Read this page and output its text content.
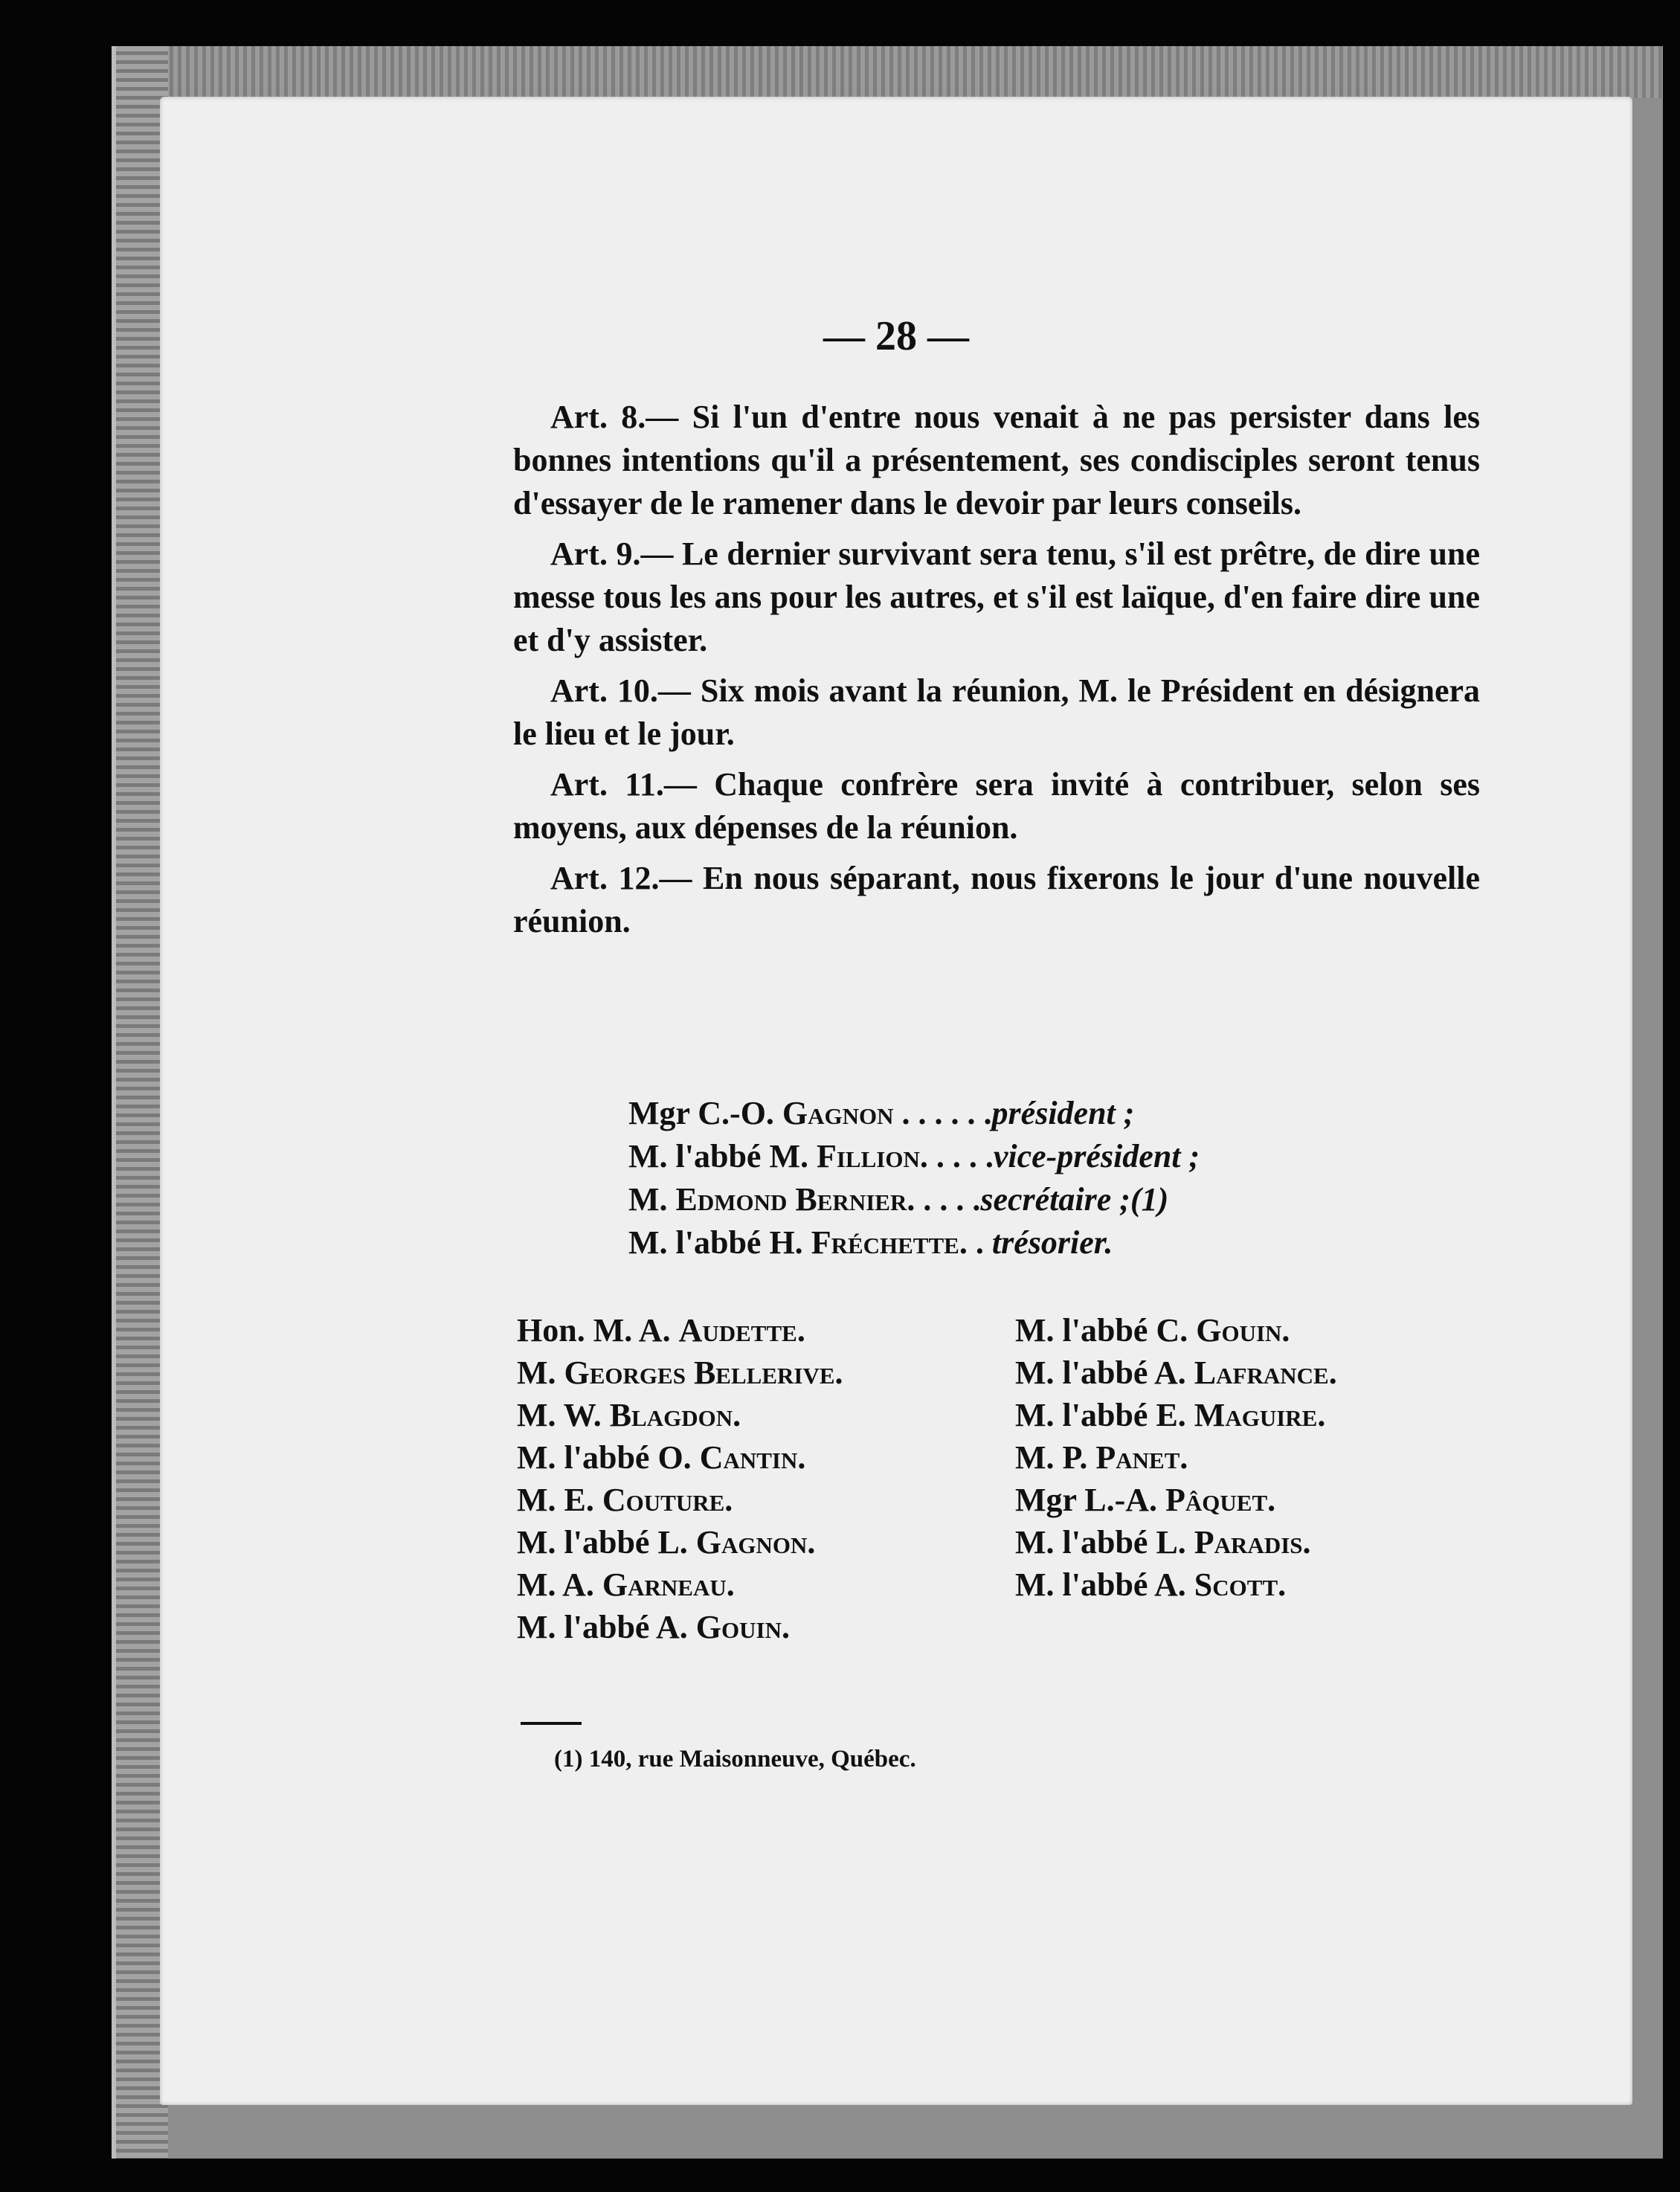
— 28 —

Art. 8.— Si l'un d'entre nous venait à ne pas persister dans les bonnes intentions qu'il a présentement, ses condisciples seront tenus d'essayer de le ramener dans le devoir par leurs conseils.

Art. 9.— Le dernier survivant sera tenu, s'il est prêtre, de dire une messe tous les ans pour les autres, et s'il est laïque, d'en faire dire une et d'y assister.

Art. 10.— Six mois avant la réunion, M. le Président en désignera le lieu et le jour.

Art. 11.— Chaque confrère sera invité à contribuer, selon ses moyens, aux dépenses de la réunion.

Art. 12.— En nous séparant, nous fixerons le jour d'une nouvelle réunion.

Mgr C.-O. Gagnon . . . . . .président ;
M. l'abbé M. Fillion. . . . .vice-président ;
M. Edmond Bernier. . . . .secrétaire ;(1)
M. l'abbé H. Fréchette. . trésorier.
Hon. M. A. Audette.
M. Georges Bellerive.
M. W. Blagdon.
M. l'abbé O. Cantin.
M. E. Couture.
M. l'abbé L. Gagnon.
M. A. Garneau.
M. l'abbé A. Gouin.
M. l'abbé C. Gouin.
M. l'abbé A. Lafrance.
M. l'abbé E. Maguire.
M. P. Panet.
Mgr L.-A. Pâquet.
M. l'abbé L. Paradis.
M. l'abbé A. Scott.
(1) 140, rue Maisonneuve, Québec.
